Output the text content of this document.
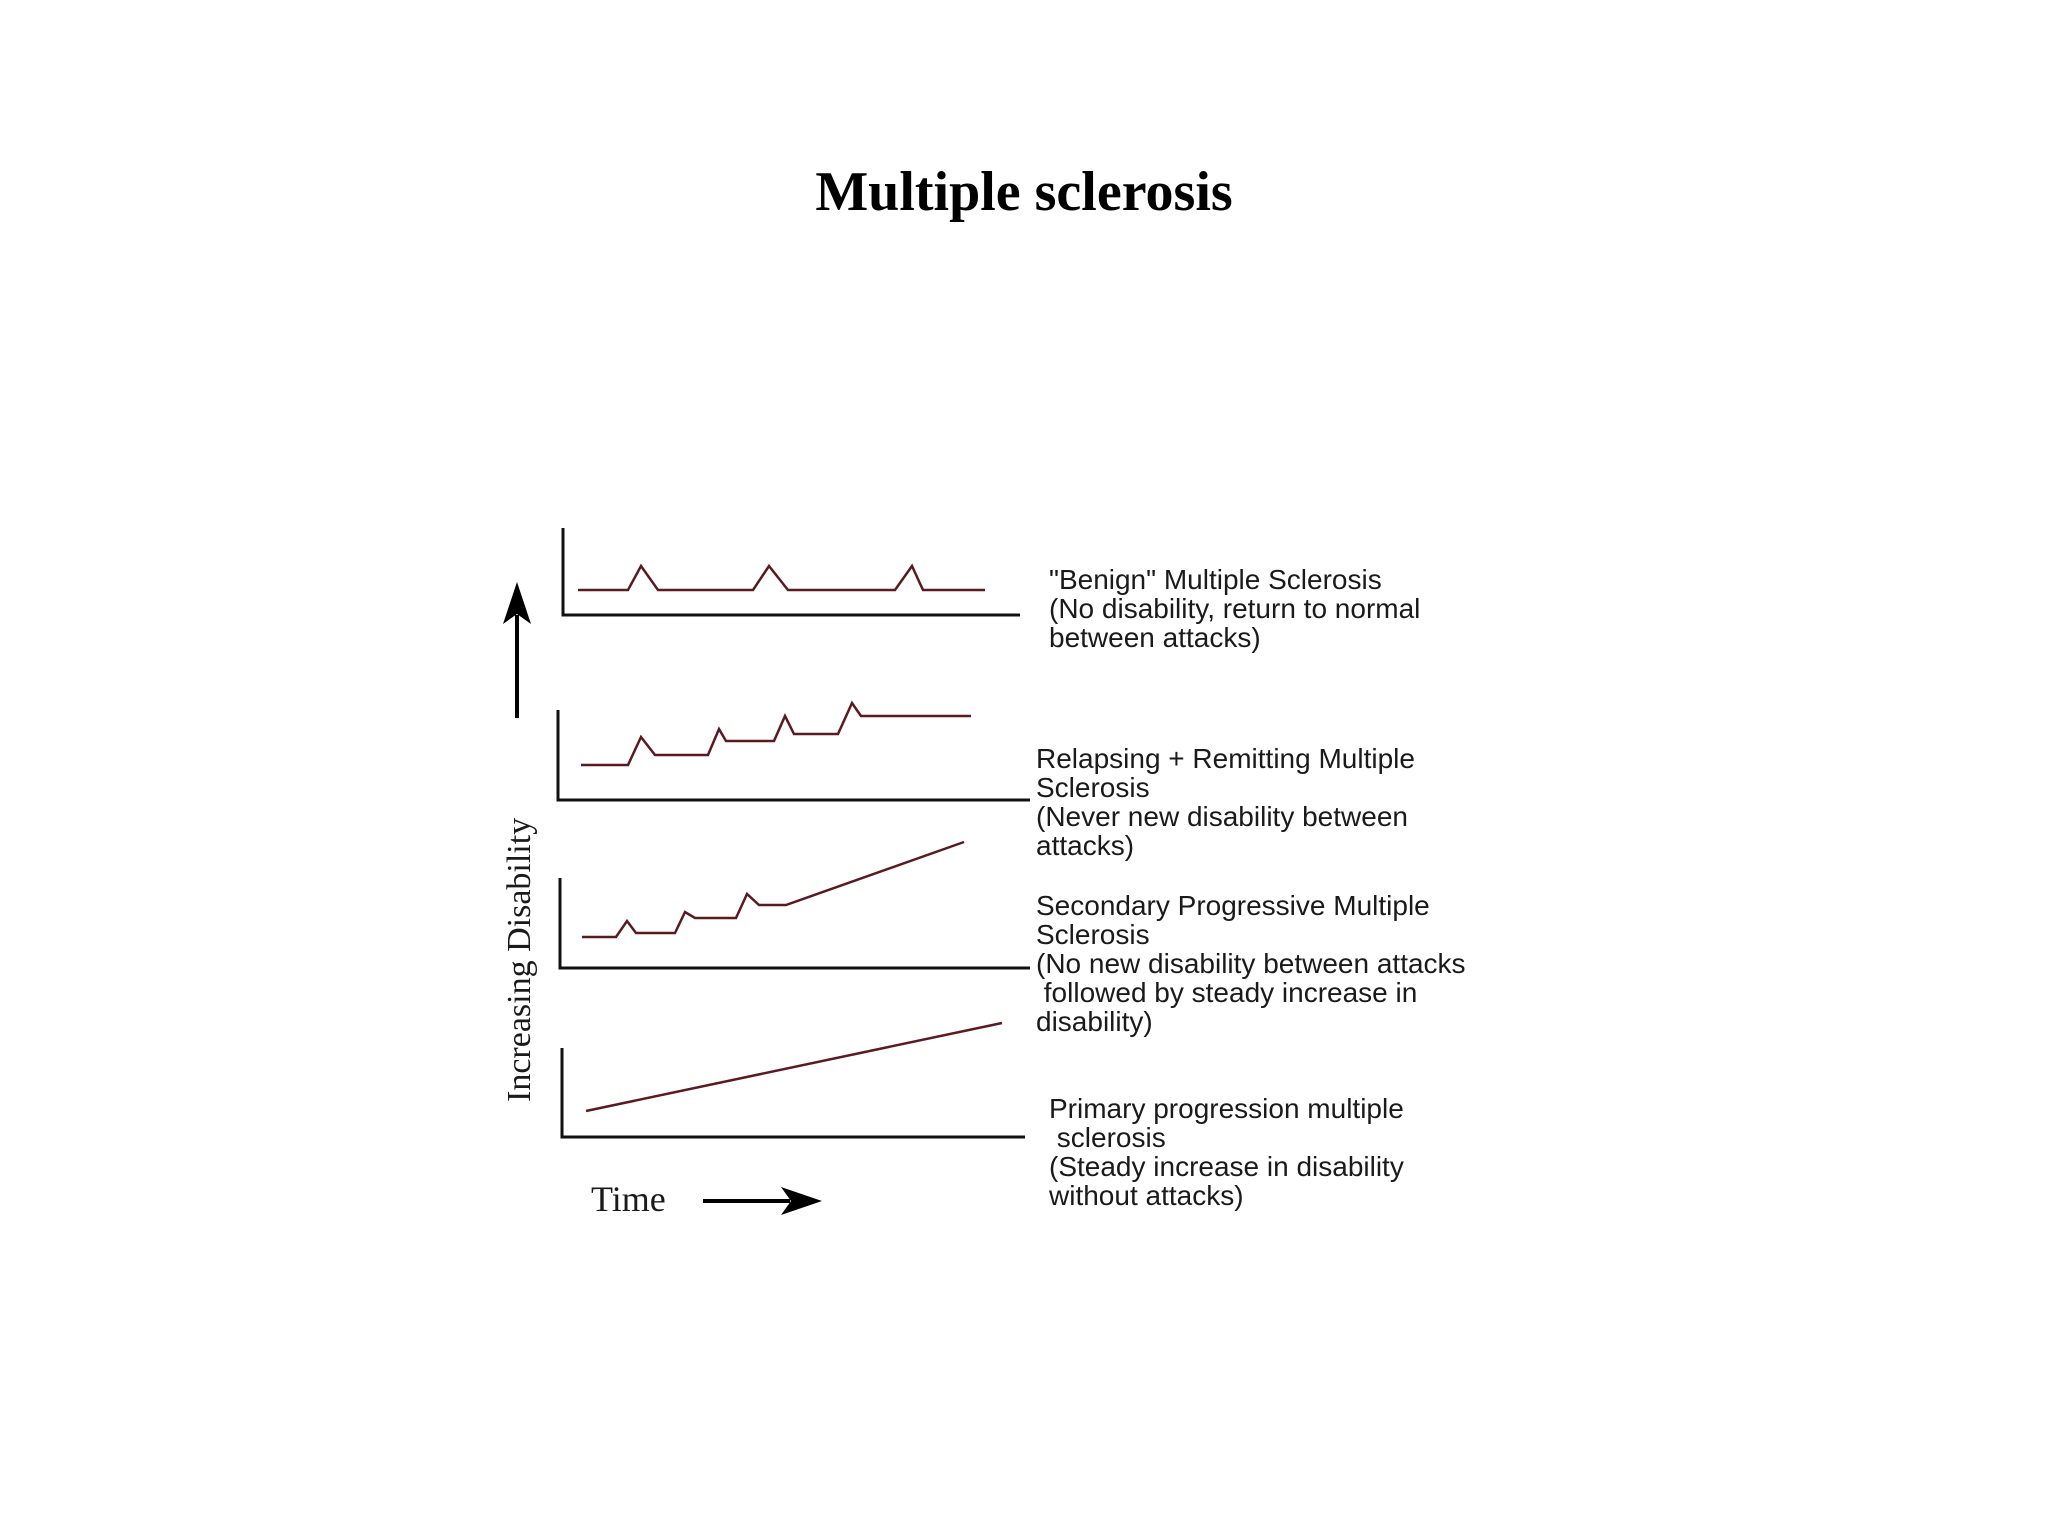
Multiple sclerosis
Increasing Disability
Time
"Benign" Multiple Sclerosis (No disability, return to normal between attacks)
Relapsing + Remitting Multiple Sclerosis (Never new disability between attacks)
Secondary Progressive Multiple Sclerosis (No new disability between attacks  followed by steady increase in disability)
Primary progression multiple  sclerosis (Steady increase in disability without attacks)
